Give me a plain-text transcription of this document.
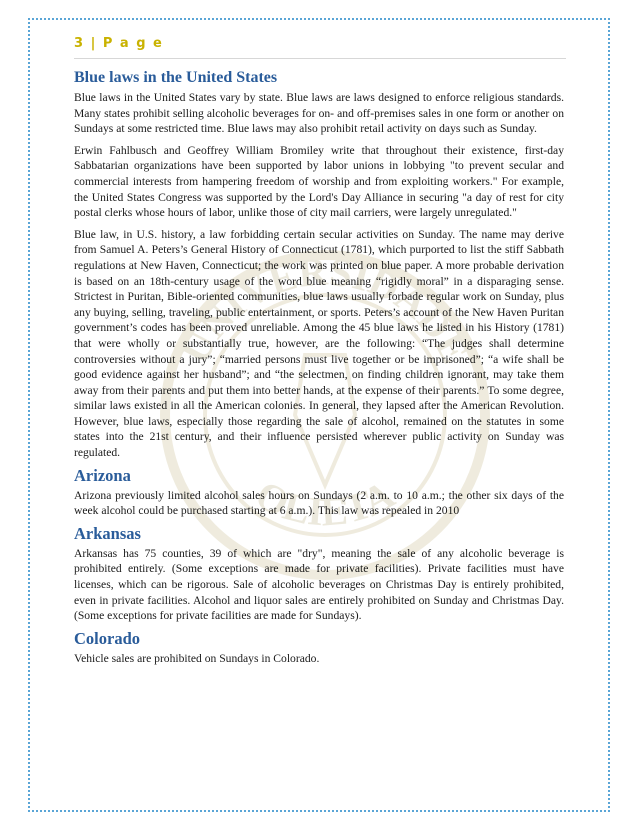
UNIVERSIDADE
OLIETA
3 | P a g e
Blue laws in the United States

Blue laws in the United States vary by state. Blue laws are laws designed to enforce religious standards. Many states prohibit selling alcoholic beverages for on- and off-premises sales in one form or another on Sundays at some restricted time. Blue laws may also prohibit retail activity on days such as Sunday.

Erwin Fahlbusch and Geoffrey William Bromiley write that throughout their existence, first-day Sabbatarian organizations have been supported by labor unions in lobbying "to prevent secular and commercial interests from hampering freedom of worship and from exploiting workers." For example, the United States Congress was supported by the Lord's Day Alliance in securing "a day of rest for city postal clerks whose hours of labor, unlike those of city mail carriers, were largely unregulated."

Blue law, in U.S. history, a law forbidding certain secular activities on Sunday. The name may derive from Samuel A. Peters’s General History of Connecticut (1781), which purported to list the stiff Sabbath regulations at New Haven, Connecticut; the work was printed on blue paper. A more probable derivation is based on an 18th-century usage of the word blue meaning “rigidly moral” in a disparaging sense. Strictest in Puritan, Bible-oriented communities, blue laws usually forbade regular work on Sunday, plus any buying, selling, traveling, public entertainment, or sports. Peters’s account of the New Haven Puritan government’s codes has been proved unreliable. Among the 45 blue laws he listed in his History (1781) that were wholly or substantially true, however, are the following: “The judges shall determine controversies without a jury”; “married persons must live together or be imprisoned”; “a wife shall be good evidence against her husband”; and “the selectmen, on finding children ignorant, may take them away from their parents and put them into better hands, at the expense of their parents.” To some degree, similar laws existed in all the American colonies. In general, they lapsed after the American Revolution. However, blue laws, especially those regarding the sale of alcohol, remained on the statutes in some states into the 21st century, and their influence persisted wherever public activity on Sunday was regulated.

Arizona

Arizona previously limited alcohol sales hours on Sundays (2 a.m. to 10 a.m.; the other six days of the week alcohol could be purchased starting at 6 a.m.). This law was repealed in 2010

Arkansas

Arkansas has 75 counties, 39 of which are "dry", meaning the sale of any alcoholic beverage is prohibited entirely. (Some exceptions are made for private facilities). Private facilities must have licenses, which can be rigorous. Sale of alcoholic beverages on Christmas Day is entirely prohibited, even in private facilities. Alcohol and liquor sales are entirely prohibited on Sunday and Christmas Day. (Some exceptions for private facilities are made for Sundays).

Colorado

Vehicle sales are prohibited on Sundays in Colorado.
